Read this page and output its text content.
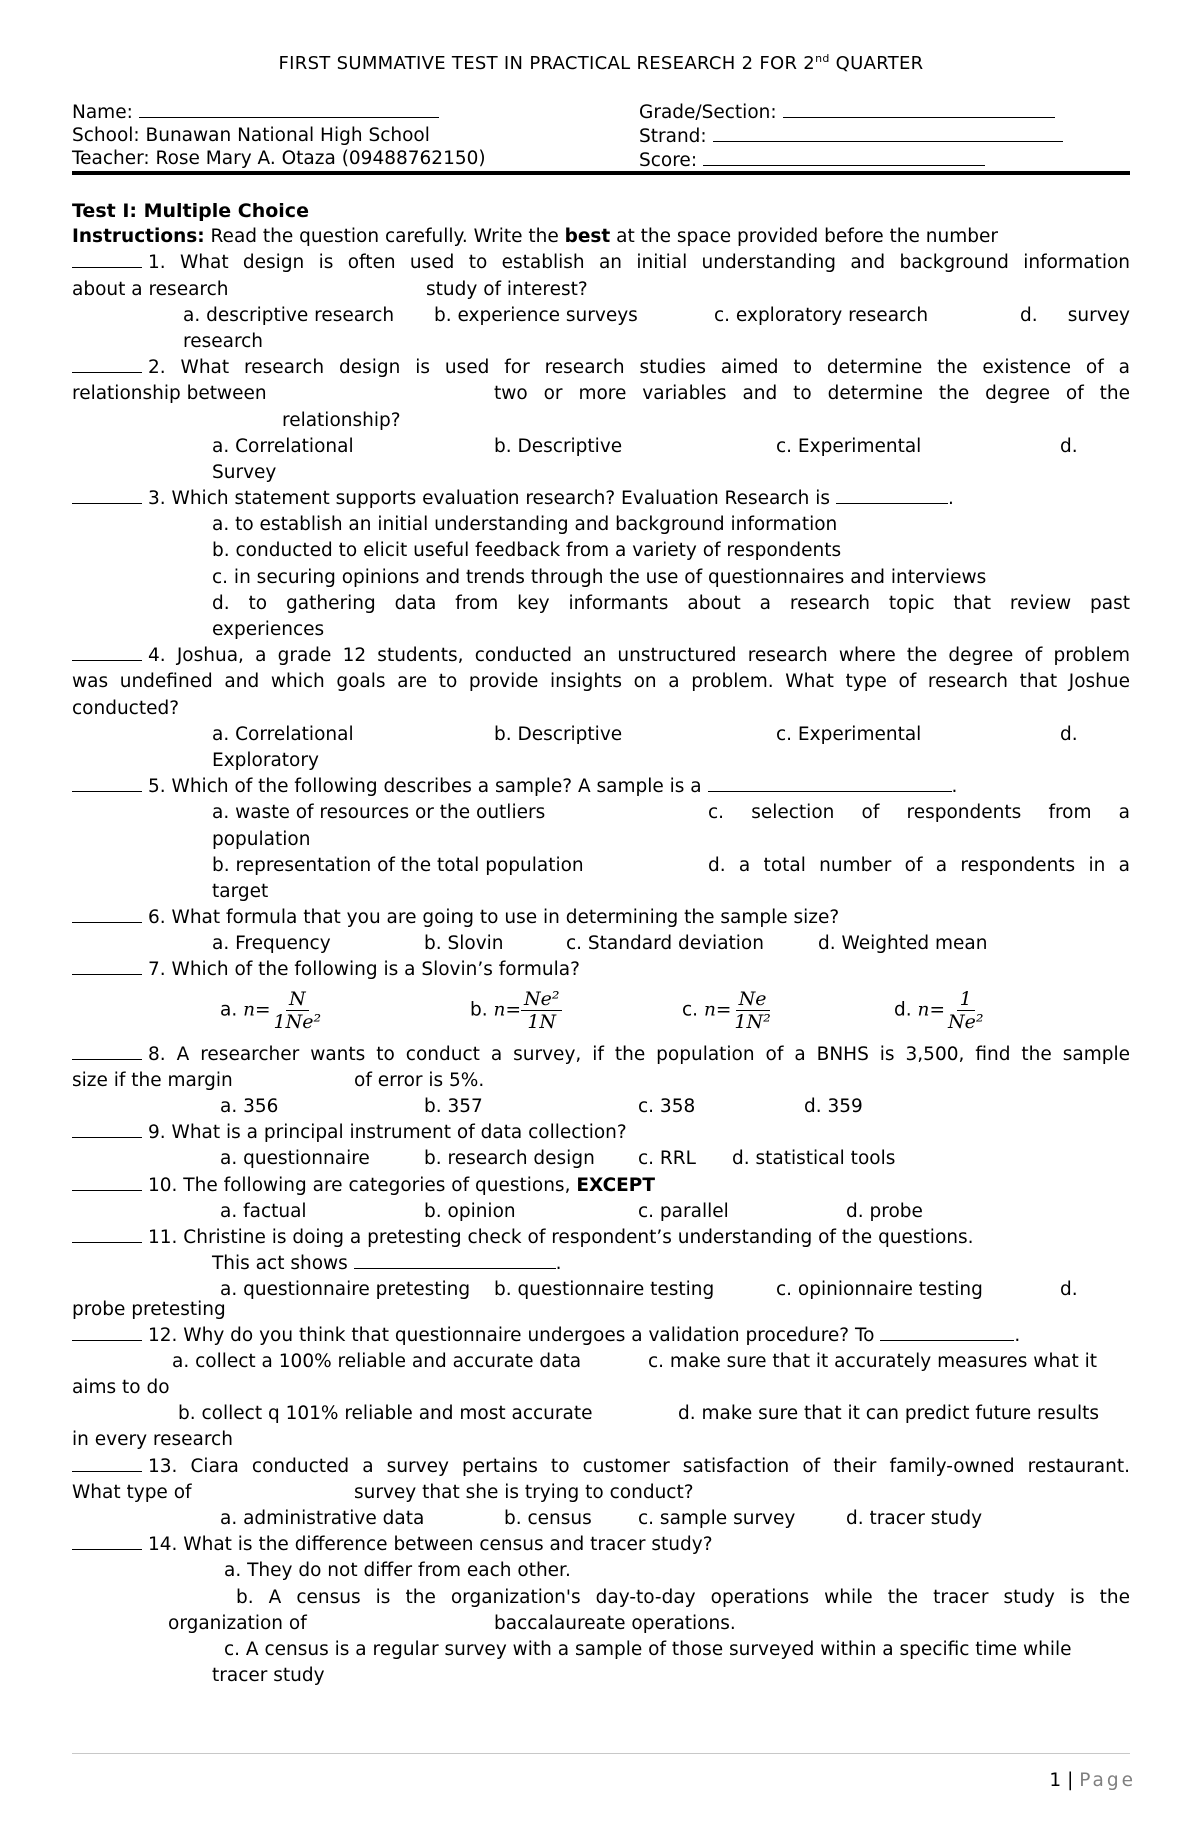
FIRST SUMMATIVE TEST IN PRACTICAL RESEARCH 2 FOR 2nd QUARTER
Name:
School: Bunawan National High School
Teacher: Rose Mary A. Otaza (09488762150)
Grade/Section:
Strand:
Score:
Test I: Multiple Choice
Instructions: Read the question carefully. Write the best at the space provided before the number
1. What design is often used to establish an initial understanding and background information
about a research	study of interest?
a. descriptive research b. experience surveys	c. exploratory research	d. survey
research
2. What research design is used for research studies aimed to determine the existence of a
relationship between	two or more variables and to determine the degree of the
relationship?
a. Correlational	b. Descriptive	c. Experimental	d.
Survey
3. Which statement supports evaluation research? Evaluation Research is	.
a. to establish an initial understanding and background information
b. conducted to elicit useful feedback from a variety of respondents
c. in securing opinions and trends through the use of questionnaires and interviews
d. to gathering data from key informants about a research topic that review past
experiences
4. Joshua, a grade 12 students, conducted an unstructured research where the degree of problem
was undefined and which goals are to provide insights on a problem. What type of research that Joshue
conducted?
a. Correlational	b. Descriptive	c. Experimental	d.
Exploratory
5. Which of the following describes a sample? A sample is a	.
a. waste of resources or the outliers	c. selection of respondents from a
population
b. representation of the total population	d. a total number of a respondents in a
target
6. What formula that you are going to use in determining the sample size?
a. Frequency	b. Slovin	c. Standard deviation	d. Weighted mean
7. Which of the following is a Slovin’s formula?
a. $n= \frac{N}{\text{1Ne²}}$	b. $n= \frac{\text{Ne²}}{1N}$	c. $n= \frac{Ne}{\text{1N²}}$	d. $n= \frac{1}{\text{Ne²}}$
8. A researcher wants to conduct a survey, if the population of a BNHS is 3,500, find the sample
size if the margin	of error is 5%.
a. 356	b. 357	c. 358	d. 359
9. What is a principal instrument of data collection?
a. questionnaire	b. research design c. RRL d. statistical tools
10. The following are categories of questions, EXCEPT
a. factual	b. opinion	c. parallel	d. probe
11. Christine is doing a pretesting check of respondent’s understanding of the questions.
This act shows	.
a. questionnaire pretesting b. questionnaire testing	c. opinionnaire testing	d.
probe pretesting
12. Why do you think that questionnaire undergoes a validation procedure? To	.
a. collect a 100% reliable and accurate data	c. make sure that it accurately measures what it
aims to do
b. collect q 101% reliable and most accurate	d. make sure that it can predict future results
in every research
13. Ciara conducted a survey pertains to customer satisfaction of their family-owned restaurant.
What type of	survey that she is trying to conduct?
a. administrative data	b. census c. sample survey	d. tracer study
14. What is the difference between census and tracer study?
a. They do not differ from each other.
b. A census is the organization's day-to-day operations while the tracer study is the
organization of	baccalaureate operations.
c. A census is a regular survey with a sample of those surveyed within a specific time while
tracer study
1 | Page
